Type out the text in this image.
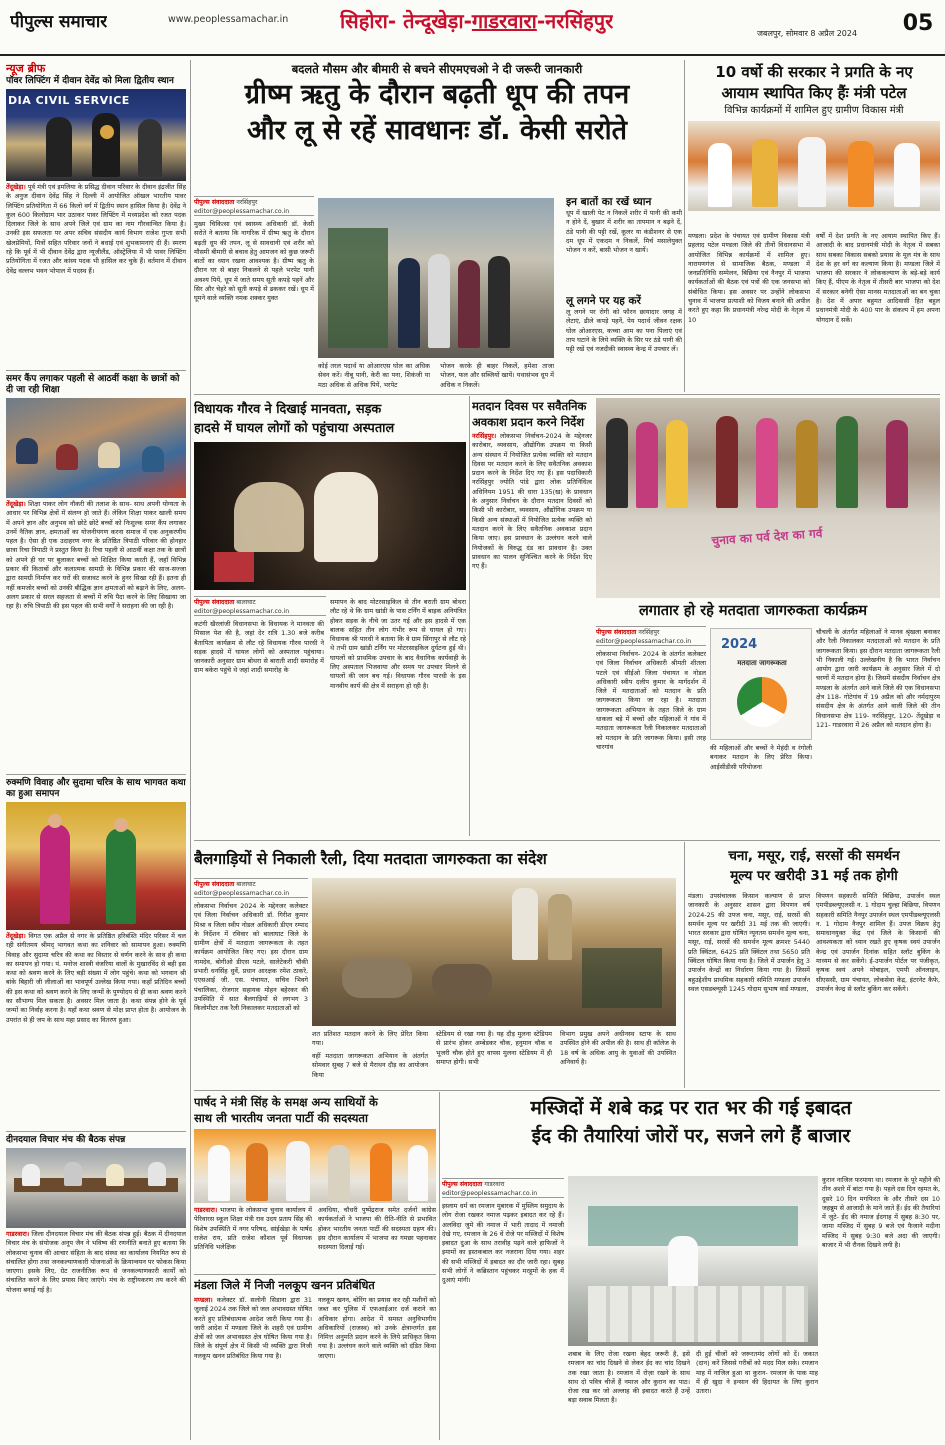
पीपुल्स समाचार	www.peoplessamachar.in	सिहोरा- तेन्दूखेड़ा-गाडरवारा-नरसिंहपुर
जबलपुर, सोमवार 8 अप्रैल 2024 05
न्यूज ब्रीफ
पॉवर लिफ्टिंग में दीवान देवेंद्र को मिला द्वितीय स्थान
DIA CIVIL SERVICE
तेंदूखेड़ा। पूर्व मंत्री एवं इमलिया के प्रसिद्ध दीवान परिवार के दीवान इंद्रजीत सिंह के अनुज दीवान देवेंद्र सिंह ने दिल्ली में आयोजित ऑखल भारतीय पावर लिफ्टिंग प्रतियोगिता में 66 किलो वर्ग में द्वितीय स्थान हासिल किया है। देवेंद्र ने कुल 600 किलोग्राम भार उठाकर पावर लिफ्टिंग में मध्यप्रदेश को रजत पदक दिलाकर जिले के साथ अपने जिले एवं ग्राम का नाम गौरवान्वित किया है। उनकी इस सफलता पर अपर सचिव संसदीय कार्य विभाग राजेश गुप्ता सभी खेलप्रेमियों, मित्रों सहित परिवार जनों ने बधाई एवं शुभकामनाएं दी हैं। स्मरण रहे कि पूर्व में भी दीवान देवेंद्र द्वारा न्यूजीलैंड, ऑस्ट्रेलिया में भी पावर लिफ्टिंग प्रतियोगिता में रजत और कांस्य पदक भी हासिल कर चुके हैं। वर्तमान में दीवान देवेंद्र वल्लभ भवन भोपाल में पदस्थ हैं।
समर कैंप लगाकर पहली से आठवीं कक्षा के छात्रों को दी जा रही शिक्षा
तेंदूखेड़ा। शिक्षा पाकर लोग नौकरी की तलाश के साथ- साथ अपनी योग्यता के आधार पर विभिन्न क्षेत्रों में संलग्न हो जाते हैं। लेकिन शिक्षा पाकर खाली समय में अपने ज्ञान और अनुभव को छोटे छोटे बच्चों को निःशुल्क समर कैंप लगाकर उनमें नैतिक ज्ञान, क्षमताओं का योजनीयगण करना समाज में एक अनुकरणीय पहल है। ऐसा ही एक उदाहरण नगर के प्रतिष्ठित त्रिपाठी परिवार की होनहार छात्रा रिचा त्रिपाठी ने प्रस्तुत किया है। रिचा पहली से आठवीं कक्षा तक के छात्रों को अपने ही घर पर बुलाकर बच्चों को शिक्षित किया करती हैं, जहाँ विभिन्न प्रकार की किताबों और कलात्मक सामग्री के विभिन्न प्रकार की साज-सज्जा द्वारा सामग्री निर्माण कर घरों की सजावट करने के हुनर सिखा रही हैं। इतना ही नहीं कमजोर बच्चों को उनकी बौद्धिक ज्ञान क्षमताओं को बढ़ाने के लिए, अलग-अलग प्रकार से सरल सहजता से बच्चों में रुचि पैदा करने के लिए सिखाया जा रहा है। रुचि त्रिपाठी की इस पहल की सभी वर्गों ने सराहना की जा रही है।
रुक्मणि विवाह और सुदामा चरित्र के साथ भागवत कथा का हुआ समापन
तेंदूखेड़ा। विगत एक अप्रैल से नगर के प्रतिष्ठित हरिबंस्ति मंदिर परिसर में चल रही संगीतमय श्रीमद् भागवत कथा का शनिवार को सामापन हुआ। रुक्मणि विवाह और सुदामा चरित्र की कथा का विस्तार से वर्णन करने के साथ ही कथा का समापन हो गया। पं. मनोज शास्त्री वंजरिया वालों के मुखारविंद से बही इस कथा को श्रवण करने के लिए बड़ी संख्या में लोग पहुंचे। कथा को भगवान श्री बांके बिहारी जी लीलाओं का भावपूर्ण उल्लेख किया गया। कहाँ प्रतिदिन बच्चों की इस कथा को श्रवण करने के लिए जन्मों के पुण्योदय से ही कथा श्रवण करने का सौभाग्य मिल सकता है। अवसर मिल जाता है। कथा संपन्न होने के पूर्व जन्मों का निर्वाह करना है। यहाँ कथा श्रवण से मोक्ष प्राप्त होता है। आयोजन के उपरांत से ही जप के साथ महा प्रसाद का वितरण हुआ।
दीनदयाल विचार मंच की बैठक संपन्न
गाडरवारा। जिला दीनदयाल विचार मंच की बैठक संपन्न हुई। बैठक में दीनदयाल विचार मंच के संयोजक अनूप जैन ने भविष्य की रणनीति बनाते हुए बताया कि लोकसभा चुनाव की आचार संहिता के बाद संस्था का कार्यालय नियमित रूप से संचालित होगा तथा जनकल्याणकारी योजनाओं के क्रियान्वयन पर फोकस किया जाएगा। इसके लिए, ग्रेट राजनीतिक रूप से जनकल्याणकारी कार्यों को संचालित करने के लिए प्रयास किए जाएंगे। मंच के राष्ट्रीयकरण तय करने की योजना बनाई गई है।
बदलते मौसम और बीमारी से बचने सीएमएचओ ने दी जरूरी जानकारी
ग्रीष्म ऋतु के दौरान बढ़ती धूप की तपन
और लू से रहें सावधानः डॉ. केसी सरोते
पीपुल्स संवाददाता नरसिंहपुर
editor@peoplessamachar.co.in
मुख्य चिकित्सा एवं स्वास्थ्य अधिकारी डॉ. केसी सरोते ने बताया कि नागरिक में ग्रीष्म ऋतु के दौरान बढ़ती धूप की तपन, लू से सावधानी एवं शरीर को मौसमी बीमारी से बचाव हेतु आमजन को कुछ जरूरी बातों का ध्यान रखना आवश्यक है। ग्रीष्म ऋतु के दौरान घर से बाहर निकलने से पहले भरपेट पानी अवश्य पियें, धूप में जाते समय सूती कपड़े पहनें और सिर और चेहरे को सूती कपड़े से ढककर रखें। धूप में घूमने वाले व्यक्ति नमक शक्कर युक्त
कोई तरल पदार्थ या ओआरएस घोल का अधिक सेवन करें। नीबू पानी, केरी का पना, शिकंजी या मठा अधिक से अधिक पियें, भरपेट
भोजन करके ही बाहर निकलें, हमेशा ताजा भोजन, फल और सब्जियों खायें। यथासंभव धूप में अधिक न निकलें।
इन बातों का रखें ध्यान
धूप में खाली पेट न निकलें शरीर में पानी की कमी न होने दें, बुखार में शरीर का तापमान न बढ़ने दें, ठंडे पानी की पट्टी रखें, कूलर या कंडीशनर से एक दम धूप में एकदम न निकलें, मिर्च मसालेयुक्त भोजन न करें, बासी भोजन न खायें।
लू लगने पर यह करें
लू लगने पर रोगी को फौरन छायादार जगह में लेटाएं, ढीले कपड़े पहनें, पेय पदार्थ जीवन रक्षक घोल ओआरएस, कच्चा आम का पना पिलाएं एवं ताप घटाने के लिये व्यक्ति के सिर पर ठंडे पानी की पट्टी रखें एवं नजदीकी स्वास्थ्य केन्द्र में उपचार लें।
10 वर्षो की सरकार ने प्रगति के नए
आयाम स्थापित किए हैंः मंत्री पटेल
विभिन्न कार्यक्रमों में शामिल हुए ग्रामीण विकास मंत्री
मण्डला। प्रदेश के पंचायत एवं ग्रामीण विकास मंत्री प्रहलाद पटेल मण्डला जिले की तीनों विधानसभा में आयोजित विभिन्न कार्यक्रमों में शामिल हुए। नारायणगंज से सामाजिक बैठक, मण्डला में जनप्रतिनिधि सम्मेलन, बिछिया एवं नैनपुर में भाजपा कार्यकर्ताओं की बैठक एवं पत्रों की एक जनसभा को संबोधित किया। इस अवसर पर उन्होंने लोकसभा चुनाव में भाजपा प्रत्याशी को विजय बनाने की अपील करते हुए कहा कि प्रधानमंत्री नरेन्द्र मोदी के नेतृत्व में 10
वर्षों में देश प्रगति के नए आयाम स्थापित किए हैं। आजादी के बाद प्रधानमंत्री मोदी के नेतृत्व में सबका साथ सबका विकास सबको प्रयास के मूल मंत्र के साथ देश के हर वर्ग का कल्याण किया है। मण्डला जिले में भाजपा की सरकार ने लोककल्याण के बड़े-बड़े कार्य किए हैं, पीएम के नेतृत्व में तीसरी बार भाजपा को देश में सरकार बनेगी ऐसा मानस मतदाताओं का बन चुका है। देश में अपार बहुमत आदिवासी हित बहुल प्रधानमंत्री मोदी के 400 पार के संकल्प में हम अपना योगदान दें सकें।
विधायक गौरव ने दिखाई मानवता, सड़क
हादसे में घायल लोगों को पहुंचाया अस्पताल
पीपुल्स संवाददाता बालाघाट
editor@peoplessamachar.co.in
कटंगी खैरलांजी विधानसभा के विधायक ने मानवता की मिसाल पेश की है, जहां देर रात्रि 1.30 बजे करीब बैतापिता कार्यक्रम से लौट रहे विधायक गौरव पारधी ने सड़क हादसे में घायल लोगों को अस्पताल पहुंचाया। जानकारी अनुसार ग्राम बोथरा से बाराती शादी समारोह में ग्राम बकेरा पहुंचे थे जहां शादी समारोह के
समापन के बाद मोटरसाइकिल से तीन बराती ग्राम बोथरा लौट रहे थे कि ग्राम खांडी के पास टर्निंग में बाइक अनियंत्रित होकर सड़क के नीचे जा उतर गई और इस हादसे में एक बालक सहित तीन लोग गंभीर रूप से घायल हो गए। विधायक श्री पारधी ने बताया कि वे ग्राम सिंगापुर से लौट रहे थे तभी ग्राम खांडी टर्निंग पर मोटरसाइकिल दुर्घटना हुई थी। घायलों को प्राथमिक उपचार के बाद वैधानिक कार्यवाही के लिए अस्पताल भिजवाया और समय पर उपचार मिलने से घायलों की जान बच गई। विधायक गौरव पारधी के इस मानवीय कार्य की क्षेत्र में सराहना हो रही है।
मतदान दिवस पर सवैतनिक
अवकाश प्रदान करने निर्देश
नरसिंहपुर। लोकसभा निर्वाचन-2024 के मद्देनजर कारोबार, व्यवसाय, औद्योगिक उपक्रम या किसी अन्य संस्थान में नियोजित प्रत्येक व्यक्ति को मतदान दिवस पर मतदान करने के लिए सवैतनिक अवकाश प्रदान करने के निर्देश दिए गए हैं। इस पदाधिकारी नरसिंहपुर ज्योति पांडे द्वारा लोक प्रतिनिधित्व अधिनियम 1951 की धारा 135(ख) के प्रावधान के अनुसार निर्वाचन के दौरान मतदान दिवसों को किसी भी कारोबार, व्यवसाय, औद्योगिक उपक्रम या किसी अन्य संस्थाओं में नियोजित प्रत्येक व्यक्ति को मतदान करने के लिए सवैतनिक अवकाश प्रदान किया जाए। इस प्रावधान के उल्लंघन करने वाले नियोजकों के विरुद्ध दंड का प्रावधान है। उक्त प्रावधान का पालन सुनिश्चित करने के निर्देश दिए गए हैं।
चुनाव का पर्व देश का गर्व
लगातार हो रहे मतदाता जागरुकता कार्यक्रम
पीपुल्स संवाददाता नरसिंहपुर
editor@peoplessamachar.co.in
लोकसभा निर्वाचन- 2024 के अंतर्गत कलेक्टर एवं जिला निर्वाचन अधिकारी श्रीमती शीतला पटले एवं सीईओ जिला पंचायत व नोडल अधिकारी स्वीप दलीप कुमार के मार्गदर्शन में जिले में मतदाताओं को मतदान के प्रति जागरूकता किया जा रहा है। मतदाता जागरूकता अभियान के तहत जिले के ग्राम धाकला बड़े में बच्चों और महिलाओं ने गांव में मतदाता जागरूकता रैली निकालकर मतदाताओं को मतदान के प्रति जागरूक किया। इसी तरह चारगांव
2024
मतदाता जागरूकता
की महिलाओं और बच्चों ने मेहंदी व रंगोली बनाकर मतदान के लिए प्रेरित किया। आईसीडीसी परियोजना
चौचली के अंतर्गत महिलाओं ने मानव श्रृंखला बनाकर और रैली निकालकर मतदाताओं को मतदान के प्रति जागरूकता किया। इस दौरान मतदाता जागरूकता रैली भी निकाली गई। उल्लेखनीय है कि भारत निर्वाचन आयोग द्वारा जारी कार्यक्रम के अनुसार जिले में दो चरणों में मतदान होगा है। जिसमें संसदीय निर्वाचन क्षेत्र मण्डला के अंतर्गत आने वाले जिले की एक विधानसभा क्षेत्र 118- गोटेगांव में 19 अप्रैल को और नर्मदापुरम संसदीय क्षेत्र के अंतर्गत आने वाली जिले की तीन विधानसभा क्षेत्र 119- नरसिंहपुर, 120- तेंदूखेड़ा व 121- गाडरवारा में 26 अप्रैल को मतदान होगा है।
बैलगाड़ियों से निकाली रैली, दिया मतदाता जागरुकता का संदेश
पीपुल्स संवाददाता बालाघाट
editor@peoplessamachar.co.in
लोकसभा निर्वाचन 2024 के मद्देनजर कलेक्टर एवं जिला निर्वाचन अधिकारी डॉ. गिरीश कुमार मिश्रा व जिला स्वीप नोडल अधिकारी डीएन रम्पाद के निर्देशन में रविवार को बालाघाट जिले के ग्रामीण क्षेत्रों में मतदाता जागरूकता के तहत कार्यक्रम आयोजित किए गए। इस दौरान ग्राम नामदेव, बोगीओ डीएस पटले, सालेटेकरी चौकी प्रभारी धनसिंह धुर्वे, प्रधान आरक्षक रमेश ठाकरे, एएसआई जी. एस. पंचायत, सचिव भिवगे पंचालिका, रोजगार सहायक मोहन बहेरकर की उपस्थिति में सात बैलगाड़ियों से लगभग 3 किलोमीटर तक रैली निकालकर मतदाताओं को
शत प्रतिशत मतदान करने के लिए प्रेरित किया गया।
वहीं मतदाता जागरूकता अभियान के अंतर्गत सोमवार सुबह 7 बजे से मैराथन दौड़ का आयोजन किया
स्टेडियम से रखा गया है। यह दौड़ मुलना स्टेडियम से प्रारंभ होकर अम्बेडकर चौक, हनुमान चौक व भूजरी चौक होते हुए वापस मुलना स्टेडियम में ही समाप्त होगी। सभी
विभाग प्रमुख अपने अधीनस्थ स्टाफ के साथ उपस्थित होने की अपील की है। साथ ही कॉलेज के 18 वर्ष के अधिक आयु के युवाओं की उपस्थित अनिवार्य है।
चना, मसूर, राई, सरसों की समर्थन
मूल्य पर खरीदी 31 मई तक होगी
मंडला। उपसंचालक किसान कल्याण से प्राप्त जानकारी के अनुसार शासन द्वारा विपणन वर्ष 2024-25 की उपज चना, मसूर, राई, सरसों की समर्थन मूल्य पर खरीदी 31 मई तक की जाएगी। भारत सरकार द्वारा घोषित न्यूनतम समर्थन मूल्य चना, मसूर, राई, सरसों की समर्थन मूल्य क्रमशः 5440 प्रति क्विंटल, 6425 प्रति क्विंटल तथा 5650 प्रति क्विंटल घोषित किया गया है। जिले में उपार्जन हेतु 3 उपार्जन केन्द्रों का निर्धारण किया गया है। जिसमें बहुउद्देशीय प्राथमिक सहकारी समिति मण्डला उपार्जन स्थल एसडब्ल्यूसी 1245 गोदाम सुभाष वार्ड मण्डला,
विपणन सहकारी समिति बिछिया, उपार्जन स्थल एमपीडब्ल्यूएलसी न. 1 गोदाम चुल्हा बिछिया, विपणन सहकारी समिति नैनपुर उपार्जन स्थल एमपीडब्ल्यूएलसी न. 1 गोदाम नैनपुर शामिल हैं। उपज विक्रय हेतु समाधानयुक्त केंद्र एवं जिले के किसानों की आवश्यकता को ध्यान रखते हुए कृषक स्वयं उपार्जन केन्द्र एवं उपार्जन दिनांक सहित स्लॉट बुकिंग के माध्यम से कर सकेंगे। ई-उपार्जन पोर्टल पर पंजीकृत, कृषक स्वयं अपने मोबाइल, एमपी ऑनलाइन, सीएससी, ग्राम पंचायत, लोकसेवा केंद्र, इंटरनेट कैफे, उपार्जन केन्द्र से स्लॉट बुकिंग कर सकेंगे।
पार्षद ने मंत्री सिंह के समक्ष अन्य साथियों के
साथ ली भारतीय जनता पार्टी की सदस्यता
गाडरवारा। भाजपा के लोकसभा चुनाव कार्यालय में पेरिवारस स्कूल शिक्षा मंत्री राव उदय प्रताप सिंह की विशेष उपस्थिति में नगर परिषद, सांईखेड़ा के पार्षद राजेश राय, प्रति राजेश कौशल पूर्व विधायक प्रतिनिधि भलेक्षिक
अवधिया, चौधरी पुष्पेंद्रराज समेत दर्जनों कांग्रेस कार्यकर्ताओं ने भाजपा की रीति-नीति से प्रभावित होकर भारतीय जनता पार्टी की सदस्यता ग्रहण की। इस दौरान कार्यालय में भाजपा का गमछा पहनाकर सदस्यता दिलाई गई।
मंडला जिले में निजी नलकूप खनन प्रतिबंधित
मण्डला। कलेक्टर डॉ. सलोनी सिडाना द्वारा 31 जुलाई 2024 तक जिले को जल अभावग्रस्त घोषित करते हुए प्रतिबंधात्मक आदेश जारी किया गया है। जारी आदेश में मण्डला जिले के शहरी एवं ग्रामीण क्षेत्रों को जल अभावग्रस्त क्षेत्र घोषित किया गया है। जिले के संपूर्ण क्षेत्र में किसी भी व्यक्ति द्वारा निजी नलकूप खनन प्रतिबंधित किया गया है।
नलकूप खनन, बोरिंग का प्रयास कर रही मशीनों को जब्त कर पुलिस में एफआईआर दर्ज कराने का अधिकार होगा। आदेश में समस्त अनुविभागीय अधिकारियों (राजस्व) को उनके क्षेत्रान्तर्गत इस निमित्त अनुमति प्रदान करने के लिये प्राधिकृत किया गया है। उल्लंघन करने वाले व्यक्ति को दंडित किया जाएगा।
मस्जिदों में शबे कद्र पर रात भर की गई इबादत
ईद की तैयारियां जोरों पर, सजने लगे हैं बाजार
पीपुल्स संवाददाता गाडरवारा
editor@peoplessamachar.co.in
इस्लाम धर्म का रमजान मुबारक में मुस्लिम समुदाय के लोग रोजा रखकर नमाज पढ़कर इबादत कर रहे हैं। अलविदा जुमे की नमाज में भारी तादाद में नमाजी देखे गए, रमजान के 26 वें रोजे पर मस्जिदों में विशेष इबादत दुआ के साथ तरावीह पढ़ने वाले हाफिजों ने इमामों का इस्तकबाल कर नजराना दिया गया। शहर की सभी मस्जिदों में इबादत का दौर जारी रहा। सुबह सभी लोगों ने कब्रिस्तान पहुंचकर मरहूमों के हक में दुआएं मांगी।
शबाब के लिए रोजा रखना बेहद जरूरी है, इसे रमजान का चांद दिखने से लेकर ईद का चांद दिखने तक रखा जाता है। रमजान में रोज़ा रखने के साथ साथ दो पवित्र चीजें हैं नमाज और कुरान का पाठ। रोजा रख कर जो अल्लाह की इबादत करते हैं उन्हें बड़ा सवाब मिलता है।
दी हुई चीजों को जरूरतमंद लोगों को दें। जकात (दान) करें जिससे गरीबों को मदद मिल सके। रमजान माह में नाजिल हुआ था कुरान- रमजान के पाक माह में ही खुदा ने इन्सान की हिदायत के लिए कुरान उतारा।
कुरान नाजिल फरमाया था। रमजान के पूरे महीने की तीन अशरे में बांटा गया है। पहले दस दिन रहमत के, दूसरे 10 दिन मगफिरत के और तीसरे दस 10 जहन्नुम से आजादी के माने जाते हैं। ईद की तैयारियां में जुटे- ईद की नमाज ईदगाह में सुबह 8:30 पर, जामा मस्जिद में सुबह 9 बजे एवं फैजाने मदीना मस्जिद में सुबह 9:30 बजे अदा की जाएगी। बाजार में भी रौनक दिखने लगी है।
